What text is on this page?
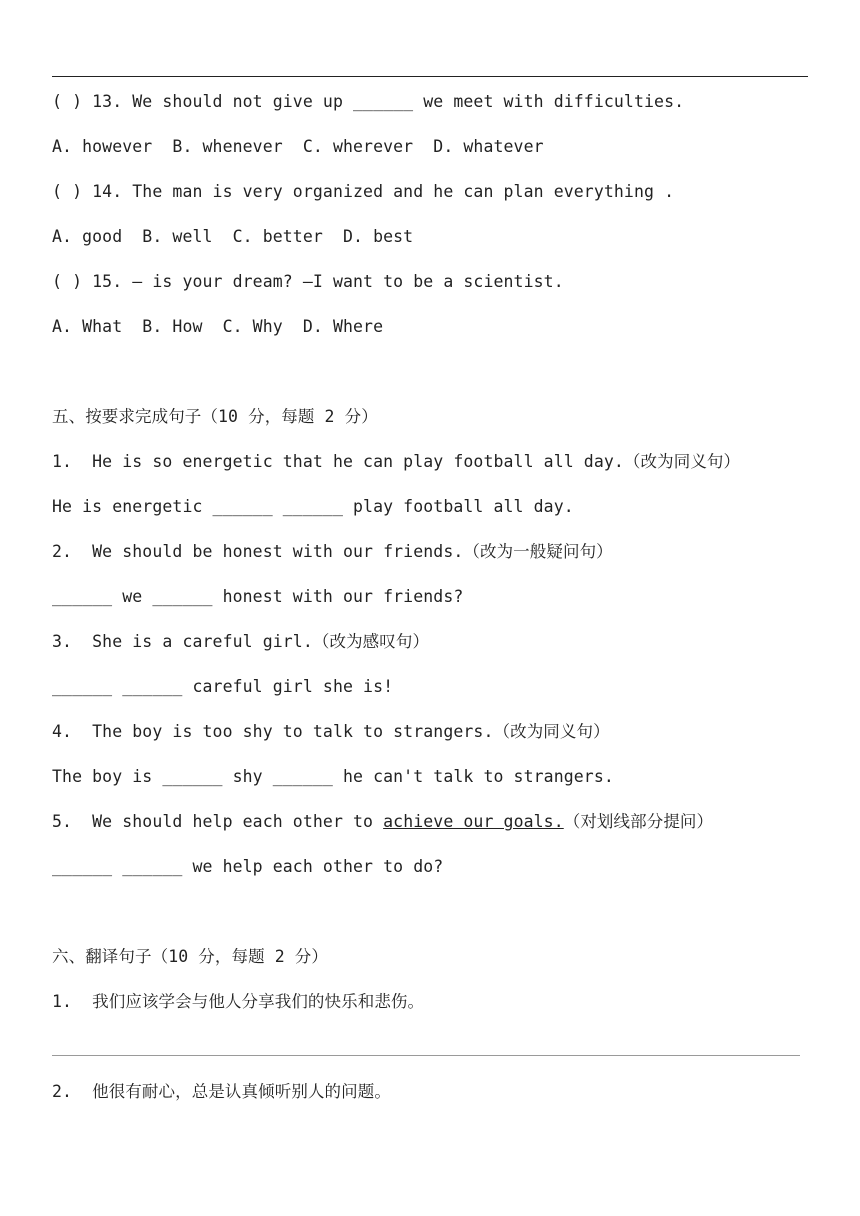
( ) 13. We should not give up ______ we meet with difficulties.
A. however  B. whenever  C. wherever  D. whatever
( ) 14. The man is very organized and he can plan everything .
A. good  B. well  C. better  D. best
( ) 15. — is your dream? —I want to be a scientist.
A. What  B. How  C. Why  D. Where
五、按要求完成句子（10 分，每题 2 分）
1.  He is so energetic that he can play football all day.（改为同义句）
He is energetic ______ ______ play football all day.
2.  We should be honest with our friends.（改为一般疑问句）
______ we ______ honest with our friends?
3.  She is a careful girl.（改为感叹句）
______ ______ careful girl she is!
4.  The boy is too shy to talk to strangers.（改为同义句）
The boy is ______ shy ______ he can't talk to strangers.
5.  We should help each other to achieve our goals.（对划线部分提问）
______ ______ we help each other to do?
六、翻译句子（10 分，每题 2 分）
1.  我们应该学会与他人分享我们的快乐和悲伤。
2.  他很有耐心，总是认真倾听别人的问题。
